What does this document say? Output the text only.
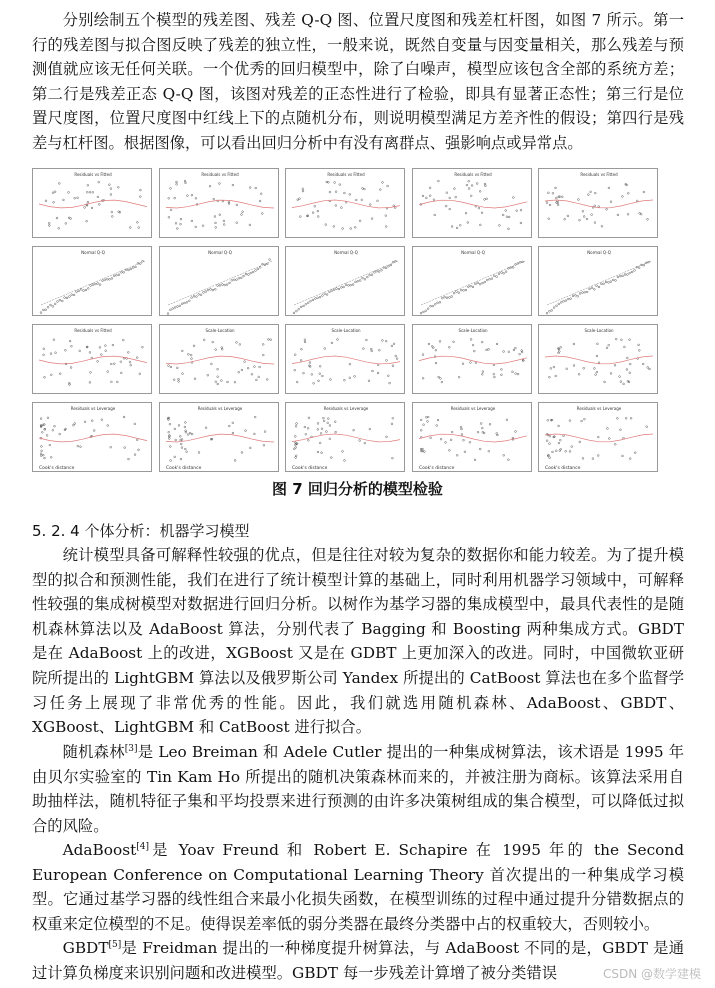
分别绘制五个模型的残差图、残差 Q-Q 图、位置尺度图和残差杠杆图，如图 7 所示。第一行的残差图与拟合图反映了残差的独立性，一般来说，既然自变量与因变量相关，那么残差与预测值就应该无任何关联。一个优秀的回归模型中，除了白噪声，模型应该包含全部的系统方差；第二行是残差正态 Q-Q 图，该图对残差的正态性进行了检验，即具有显著正态性；第三行是位置尺度图，位置尺度图中红线上下的点随机分布，则说明模型满足方差齐性的假设；第四行是残差与杠杆图。根据图像，可以看出回归分析中有没有离群点、强影响点或异常点。

Residuals vs Fitted	Residuals vs Fitted	Residuals vs Fitted	Residuals vs Fitted	Residuals vs Fitted
Normal Q-Q	Normal Q-Q	Normal Q-Q	Normal Q-Q	Normal Q-Q
Residuals vs Fitted	Scale-Location	Scale-Location	Scale-Location	Scale-Location
Residuals vs Leverage
Cook's distance
Residuals vs Leverage
Cook's distance
Residuals vs Leverage
Cook's distance
Residuals vs Leverage
Cook's distance
Residuals vs Leverage
Cook's distance
图 7 回归分析的模型检验
5. 2. 4 个体分析：机器学习模型

统计模型具备可解释性较强的优点，但是往往对较为复杂的数据你和能力较差。为了提升模型的拟合和预测性能，我们在进行了统计模型计算的基础上，同时利用机器学习领域中，可解释性较强的集成树模型对数据进行回归分析。以树作为基学习器的集成模型中，最具代表性的是随机森林算法以及 AdaBoost 算法，分别代表了 Bagging 和 Boosting 两种集成方式。GBDT 是在 AdaBoost 上的改进，XGBoost 又是在 GDBT 上更加深入的改进。同时，中国微软亚研院所提出的 LightGBM 算法以及俄罗斯公司 Yandex 所提出的 CatBoost 算法也在多个监督学习任务上展现了非常优秀的性能。因此，我们就选用随机森林、AdaBoost、GBDT、XGBoost、LightGBM 和 CatBoost 进行拟合。

随机森林[3]是 Leo Breiman 和 Adele Cutler 提出的一种集成树算法，该术语是 1995 年由贝尔实验室的 Tin Kam Ho 所提出的随机决策森林而来的，并被注册为商标。该算法采用自助抽样法，随机特征子集和平均投票来进行预测的由许多决策树组成的集合模型，可以降低过拟合的风险。

AdaBoost[4]是 Yoav Freund 和 Robert E. Schapire 在 1995 年的 the Second European Conference on Computational Learning Theory 首次提出的一种集成学习模型。它通过基学习器的线性组合来最小化损失函数，在模型训练的过程中通过提升分错数据点的权重来定位模型的不足。使得误差率低的弱分类器在最终分类器中占的权重较大，否则较小。

GBDT[5]是 Freidman 提出的一种梯度提升树算法，与 AdaBoost 不同的是，GBDT 是通过计算负梯度来识别问题和改进模型。GBDT 每一步残差计算增了被分类错误	CSDN @数学建模
